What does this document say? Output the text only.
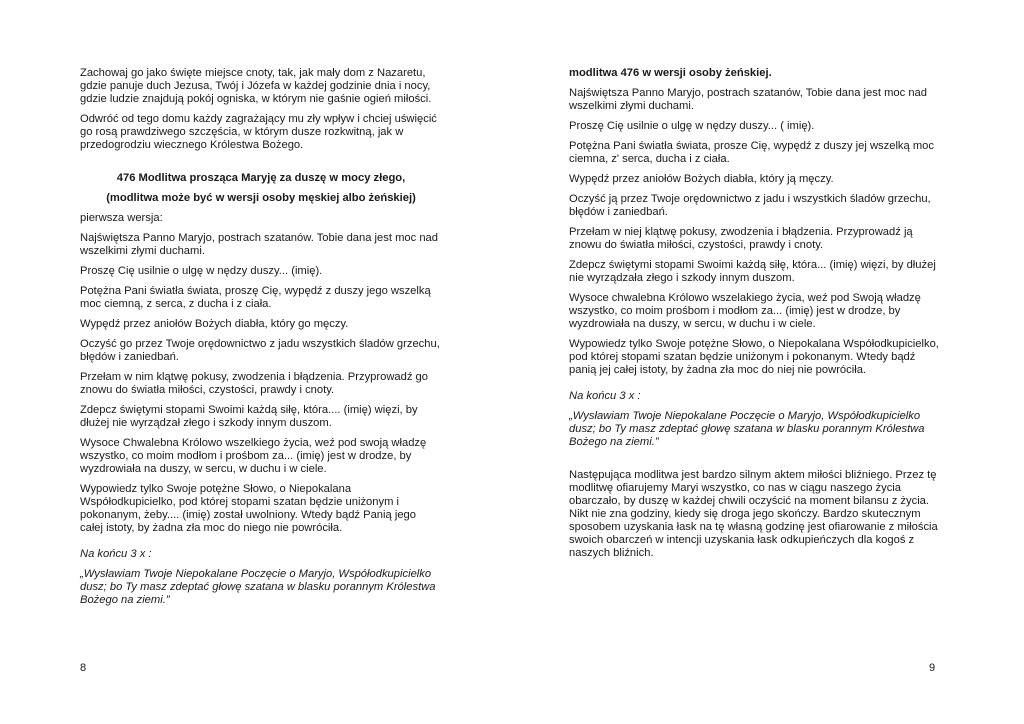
Zachowaj go jako święte miejsce cnoty, tak, jak mały dom z Nazaretu, gdzie panuje duch Jezusa, Twój i Józefa w każdej godzinie dnia i nocy, gdzie ludzie znajdują pokój ogniska, w którym nie gaśnie ogień miłości.

Odwróć od tego domu każdy zagrażający mu zły wpływ i chciej uświęcić go rosą prawdziwego szczęścia, w którym dusze rozkwitną, jak w przedogrodziu wiecznego Królestwa Bożego.

476 Modlitwa prosząca Maryję za duszę w mocy złego,

(modlitwa może być w wersji osoby męskiej albo żeńskiej)

pierwsza wersja:

Najświętsza Panno Maryjo, postrach szatanów. Tobie dana jest moc nad wszelkimi złymi duchami.

Proszę Cię usilnie o ulgę w nędzy duszy... (imię).

Potężna Pani światła świata, proszę Cię, wypędź z duszy jego wszelką moc ciemną, z serca, z ducha i z ciała.

Wypędź przez aniołów Bożych diabła, który go męczy.

Oczyść go przez Twoje orędownictwo z jadu wszystkich śladów grzechu, błędów i zaniedbań.

Przełam w nim klątwę pokusy, zwodzenia i błądzenia. Przyprowadź go znowu do światła miłości, czystości, prawdy i cnoty.

Zdepcz świętymi stopami Swoimi każdą siłę, która.... (imię) więzi, by dłużej nie wyrządzał złego i szkody innym duszom.

Wysoce Chwalebna Królowo wszelkiego życia, weź pod swoją władzę wszystko, co moim modłom i prośbom za... (imię) jest w drodze, by wyzdrowiała na duszy, w sercu, w duchu i w ciele.

Wypowiedz tylko Swoje potężne Słowo, o Niepokalana Współodkupicielko, pod której stopami szatan będzie uniżonym i pokonanym, żeby.... (imię) został uwolniony. Wtedy bądź Panią jego całej istoty, by żadna zła moc do niego nie powróciła.

Na końcu 3 x :

„Wysławiam Twoje Niepokalane Poczęcie o Maryjo, Współodkupicielko dusz; bo Ty masz zdeptać głowę szatana w blasku porannym Królestwa Bożego na ziemi.”

8

modlitwa 476 w wersji osoby żeńskiej.

Najświętsza Panno Maryjo, postrach szatanów, Tobie dana jest moc nad wszelkimi złymi duchami.

Proszę Cię usilnie o ulgę w nędzy duszy... ( imię).

Potężna Pani światła świata, prosze Cię, wypędź z duszy jej wszelką moc ciemna, z' serca, ducha i z ciała.

Wypędź przez aniołów Bożych diabła, który ją męczy.

Oczyść ją przez Twoje orędownictwo z jadu i wszystkich śladów grzechu, błędów i zaniedbań.

Przełam w niej klątwę pokusy, zwodzenia i błądzenia. Przyprowadź ją znowu do światła miłości, czystości, prawdy i cnoty.

Zdepcz świętymi stopami Swoimi każdą siłę, która... (imię) więzi, by dłużej nie wyrządzała złego i szkody innym duszom.

Wysoce chwalebna Królowo wszelakiego życia, weź pod Swoją władzę wszystko, co moim prośbom i modłom za... (imię) jest w drodze, by wyzdrowiała na duszy, w sercu, w duchu i w ciele.

Wypowiedz tylko Swoje potężne Słowo, o Niepokalana Współodkupicielko, pod której stopami szatan będzie uniżonym i pokonanym. Wtedy bądź panią jej całej istoty, by żadna zła moc do niej nie powróciła.

Na końcu 3 x :

„Wysławiam Twoje Niepokalane Poczęcie o Maryjo, Współodkupicielko dusz; bo Ty masz zdeptać głowę szatana w blasku porannym Królestwa Bożego na ziemi.”

Następująca modlitwa jest bardzo silnym aktem miłości bliźniego. Przez tę modlitwę ofiarujemy Maryi wszystko, co nas w ciągu naszego życia obarczało, by duszę w każdej chwili oczyścić na moment bilansu z życia. Nikt nie zna godziny, kiedy się droga jego skończy. Bardzo skutecznym sposobem uzyskania łask na tę własną godzinę jest ofiarowanie z miłościa swoich obarczeń w intencji uzyskania łask odkupieńczych dla kogoś z naszych bliźnich.

9
